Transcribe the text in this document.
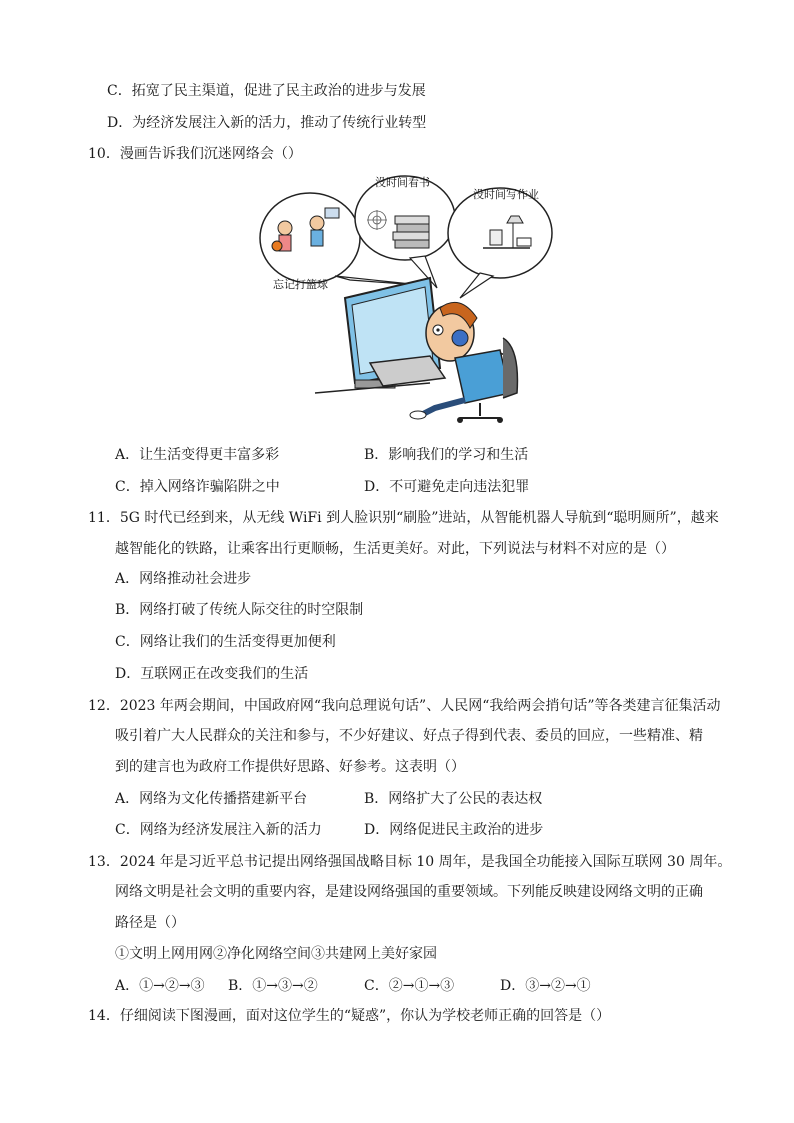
C．拓宽了民主渠道，促进了民主政治的进步与发展
D．为经济发展注入新的活力，推动了传统行业转型
10．漫画告诉我们沉迷网络会（）
没时间看书
没时间写作业
忘记打篮球
A．让生活变得更丰富多彩	B．影响我们的学习和生活
C．掉入网络诈骗陷阱之中	D．不可避免走向违法犯罪
11．5G 时代已经到来，从无线 WiFi 到人脸识别“刷脸”进站，从智能机器人导航到“聪明厕所”，越来
越智能化的铁路，让乘客出行更顺畅，生活更美好。对此，下列说法与材料不对应的是（）
A．网络推动社会进步
B．网络打破了传统人际交往的时空限制
C．网络让我们的生活变得更加便利
D．互联网正在改变我们的生活
12．2023 年两会期间，中国政府网“我向总理说句话”、人民网“我给两会捎句话”等各类建言征集活动
吸引着广大人民群众的关注和参与，不少好建议、好点子得到代表、委员的回应，一些精准、精
到的建言也为政府工作提供好思路、好参考。这表明（）
A．网络为文化传播搭建新平台	B．网络扩大了公民的表达权
C．网络为经济发展注入新的活力	D．网络促进民主政治的进步
13．2024 年是习近平总书记提出网络强国战略目标 10 周年，是我国全功能接入国际互联网 30 周年。
网络文明是社会文明的重要内容，是建设网络强国的重要领域。下列能反映建设网络文明的正确
路径是（）
①文明上网用网②净化网络空间③共建网上美好家园
A．①→②→③ B．①→③→②	C．②→①→③	D．③→②→①
14．仔细阅读下图漫画，面对这位学生的“疑惑”，你认为学校老师正确的回答是（）
